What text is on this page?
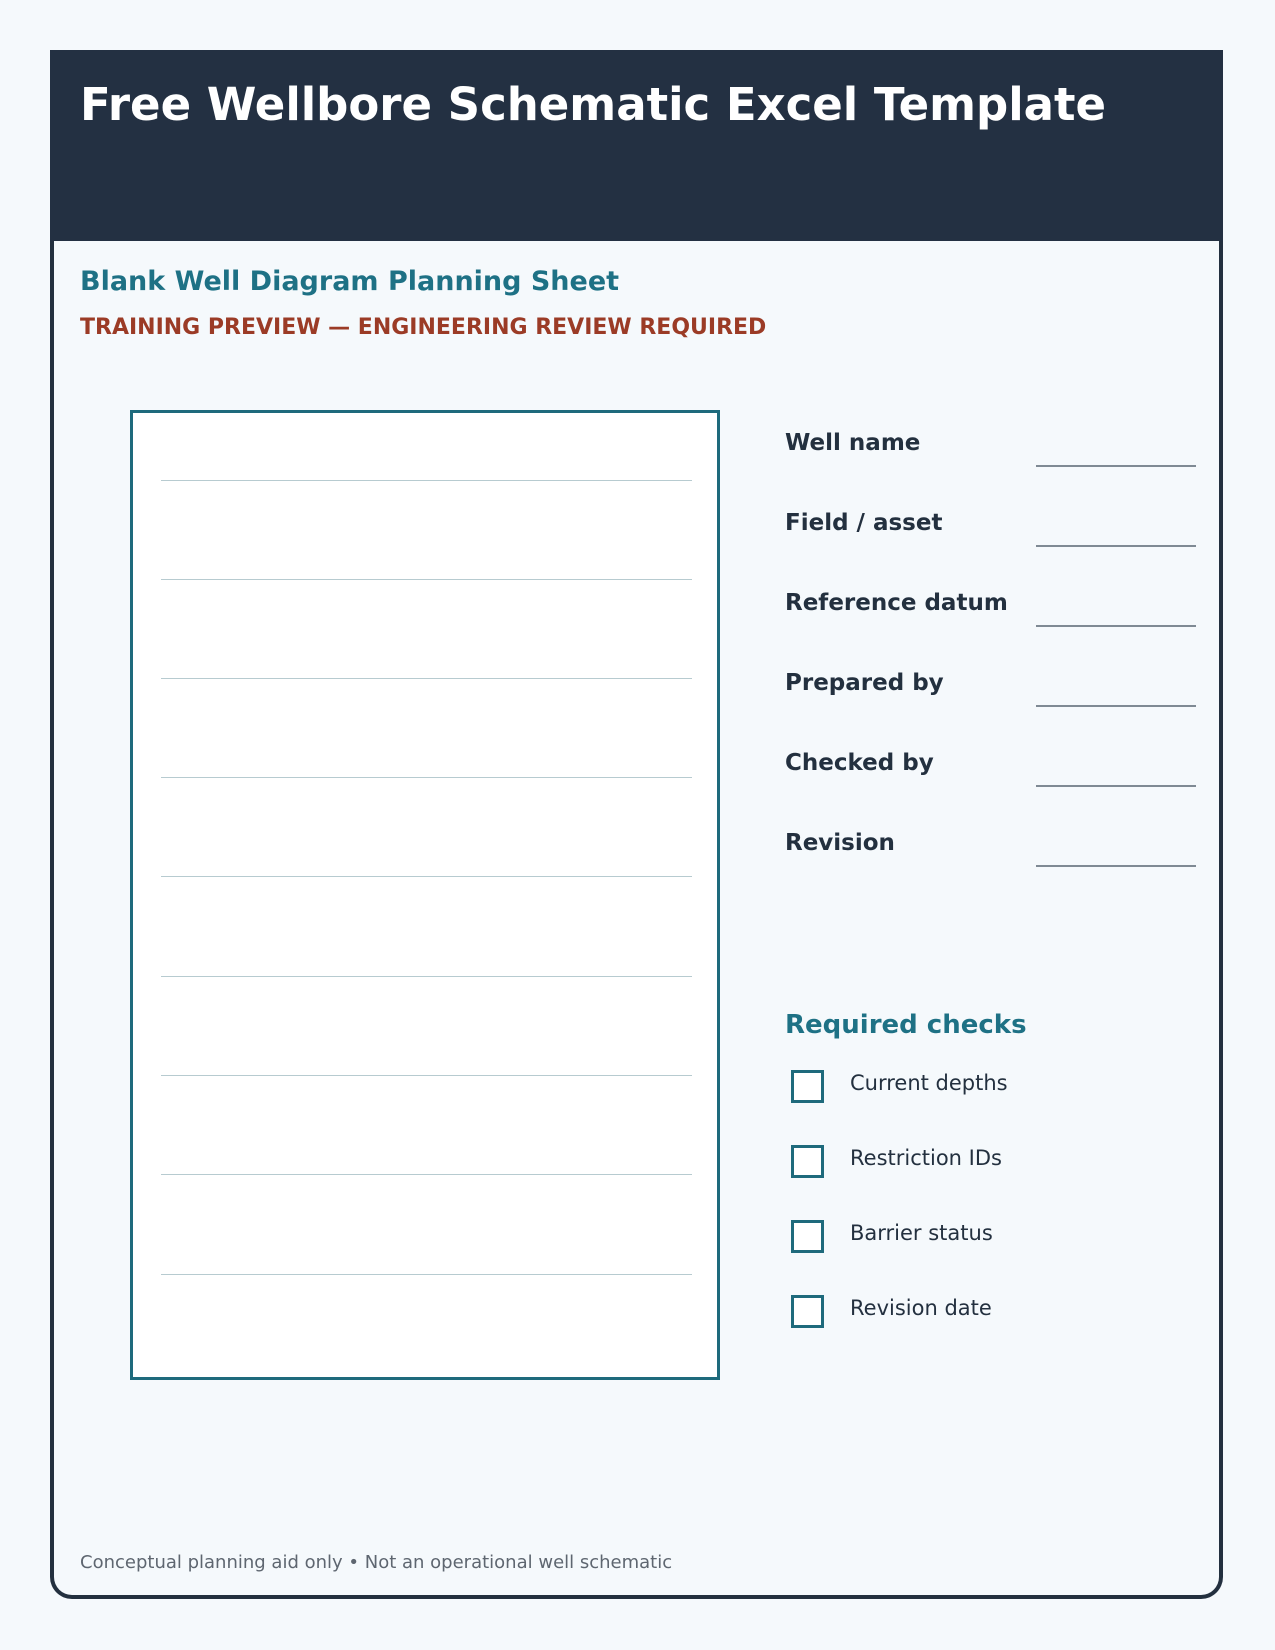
Free Wellbore Schematic Excel Template
Blank Well Diagram Planning Sheet
TRAINING PREVIEW — ENGINEERING REVIEW REQUIRED
Well name
Field / asset
Reference datum
Prepared by
Checked by
Revision
Required checks
Current depths
Restriction IDs
Barrier status
Revision date
Conceptual planning aid only • Not an operational well schematic
